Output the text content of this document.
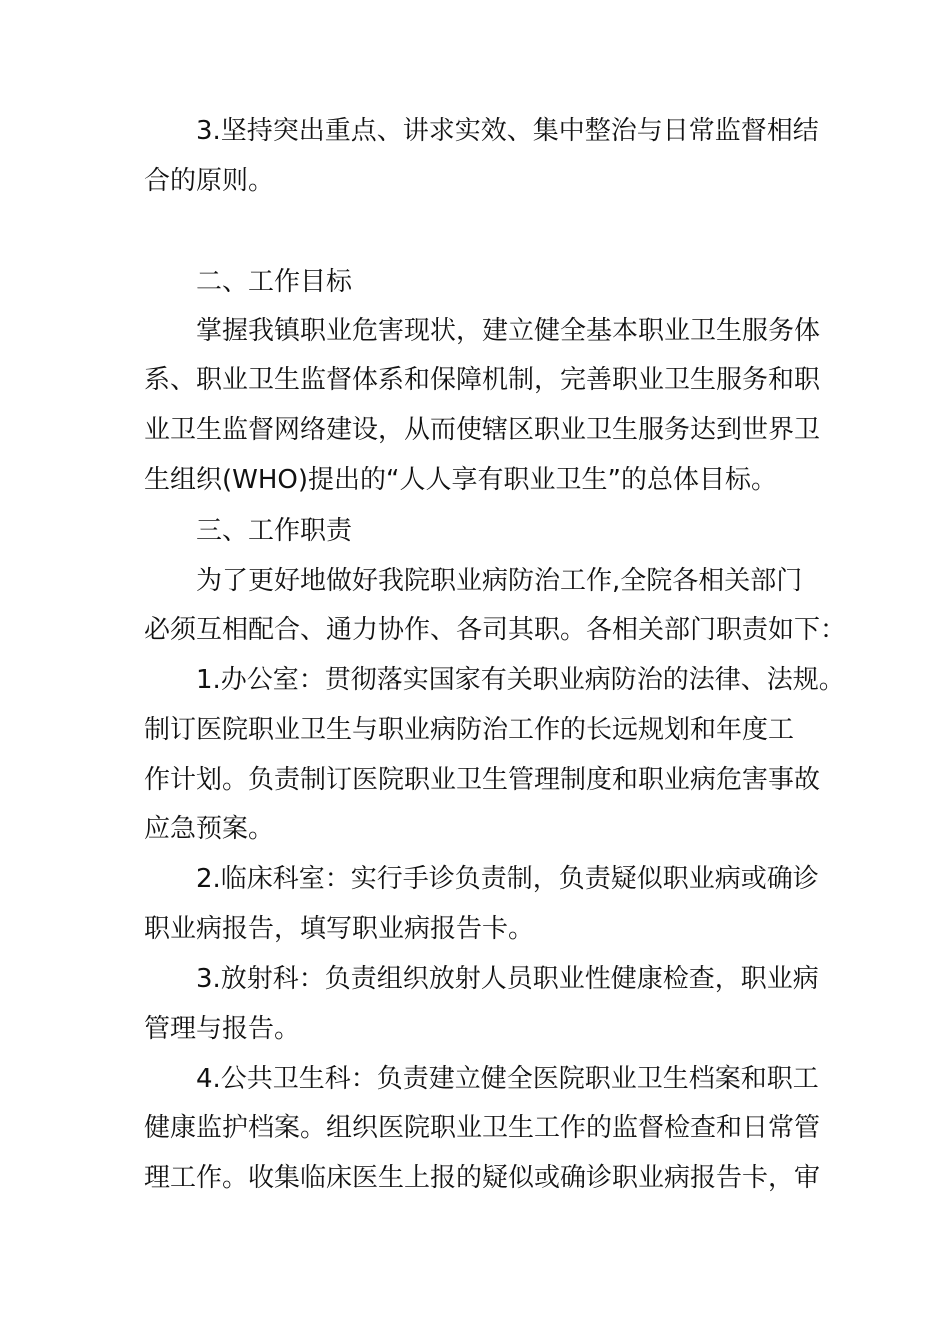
3.坚持突出重点、讲求实效、集中整治与日常监督相结
合的原则。
二、工作目标
掌握我镇职业危害现状，建立健全基本职业卫生服务体
系、职业卫生监督体系和保障机制，完善职业卫生服务和职
业卫生监督网络建设，从而使辖区职业卫生服务达到世界卫
生组织(WHO)提出的“人人享有职业卫生”的总体目标。
三、工作职责
为了更好地做好我院职业病防治工作,全院各相关部门
必须互相配合、通力协作、各司其职。各相关部门职责如下：
1.办公室：贯彻落实国家有关职业病防治的法律、法规。
制订医院职业卫生与职业病防治工作的长远规划和年度工
作计划。负责制订医院职业卫生管理制度和职业病危害事故
应急预案。
2.临床科室：实行手诊负责制，负责疑似职业病或确诊
职业病报告，填写职业病报告卡。
3.放射科：负责组织放射人员职业性健康检查，职业病
管理与报告。
4.公共卫生科：负责建立健全医院职业卫生档案和职工
健康监护档案。组织医院职业卫生工作的监督检查和日常管
理工作。收集临床医生上报的疑似或确诊职业病报告卡，审
